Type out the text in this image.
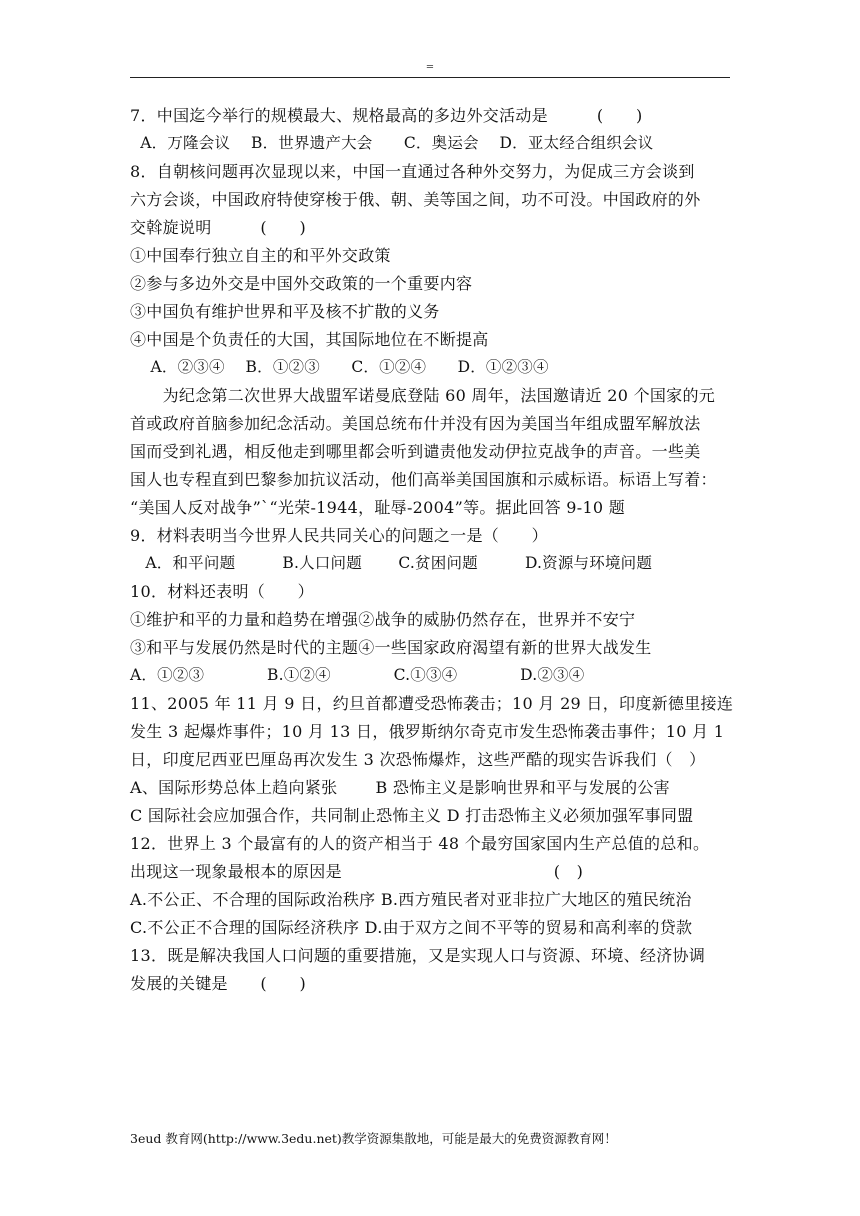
=
7．中国迄今举行的规模最大、规格最高的多边外交活动是　　　(　　)
A．万隆会议　 B．世界遗产大会　　C．奥运会　 D．亚太经合组织会议
8．自朝核问题再次显现以来，中国一直通过各种外交努力，为促成三方会谈到
六方会谈，中国政府特使穿梭于俄、朝、美等国之间，功不可没。中国政府的外
交斡旋说明　　　(　　)
①中国奉行独立自主的和平外交政策
②参与多边外交是中国外交政策的一个重要内容
③中国负有维护世界和平及核不扩散的义务
④中国是个负责任的大国，其国际地位在不断提高
A．②③④　 B．①②③　　C．①②④　　D．①②③④
　　为纪念第二次世界大战盟军诺曼底登陆 60 周年，法国邀请近 20 个国家的元
首或政府首脑参加纪念活动。美国总统布什并没有因为美国当年组成盟军解放法
国而受到礼遇，相反他走到哪里都会听到谴责他发动伊拉克战争的声音。一些美
国人也专程直到巴黎参加抗议活动，他们高举美国国旗和示威标语。标语上写着：
“美国人反对战争”`“光荣-1944，耻辱-2004”等。据此回答 9-10 题
9．材料表明当今世界人民共同关心的问题之一是（　　）
A．和平问题　　　B.人口问题　　 C.贫困问题　　　D.资源与环境问题
10．材料还表明（　　）
①维护和平的力量和趋势在增强②战争的威胁仍然存在，世界并不安宁
③和平与发展仍然是时代的主题④一些国家政府渴望有新的世界大战发生
A．①②③　　　　B.①②④　　　　C.①③④　　　　D.②③④
11、2005 年 11 月 9 日，约旦首都遭受恐怖袭击；10 月 29 日，印度新德里接连
发生 3 起爆炸事件；10 月 13 日，俄罗斯纳尔奇克市发生恐怖袭击事件；10 月 1
日，印度尼西亚巴厘岛再次发生 3 次恐怖爆炸，这些严酷的现实告诉我们（　）
A、国际形势总体上趋向紧张　　 B 恐怖主义是影响世界和平与发展的公害
C 国际社会应加强合作，共同制止恐怖主义 D 打击恐怖主义必须加强军事同盟
12．世界上 3 个最富有的人的资产相当于 48 个最穷国家国内生产总值的总和。
出现这一现象最根本的原因是　　　　　　　　　　　　　(　)
A.不公正、不合理的国际政治秩序 B.西方殖民者对亚非拉广大地区的殖民统治
C.不公正不合理的国际经济秩序 D.由于双方之间不平等的贸易和高利率的贷款
13．既是解决我国人口问题的重要措施，又是实现人口与资源、环境、经济协调
发展的关键是　　(　　)
3eud 教育网(http://www.3edu.net)教学资源集散地，可能是最大的免费资源教育网！
